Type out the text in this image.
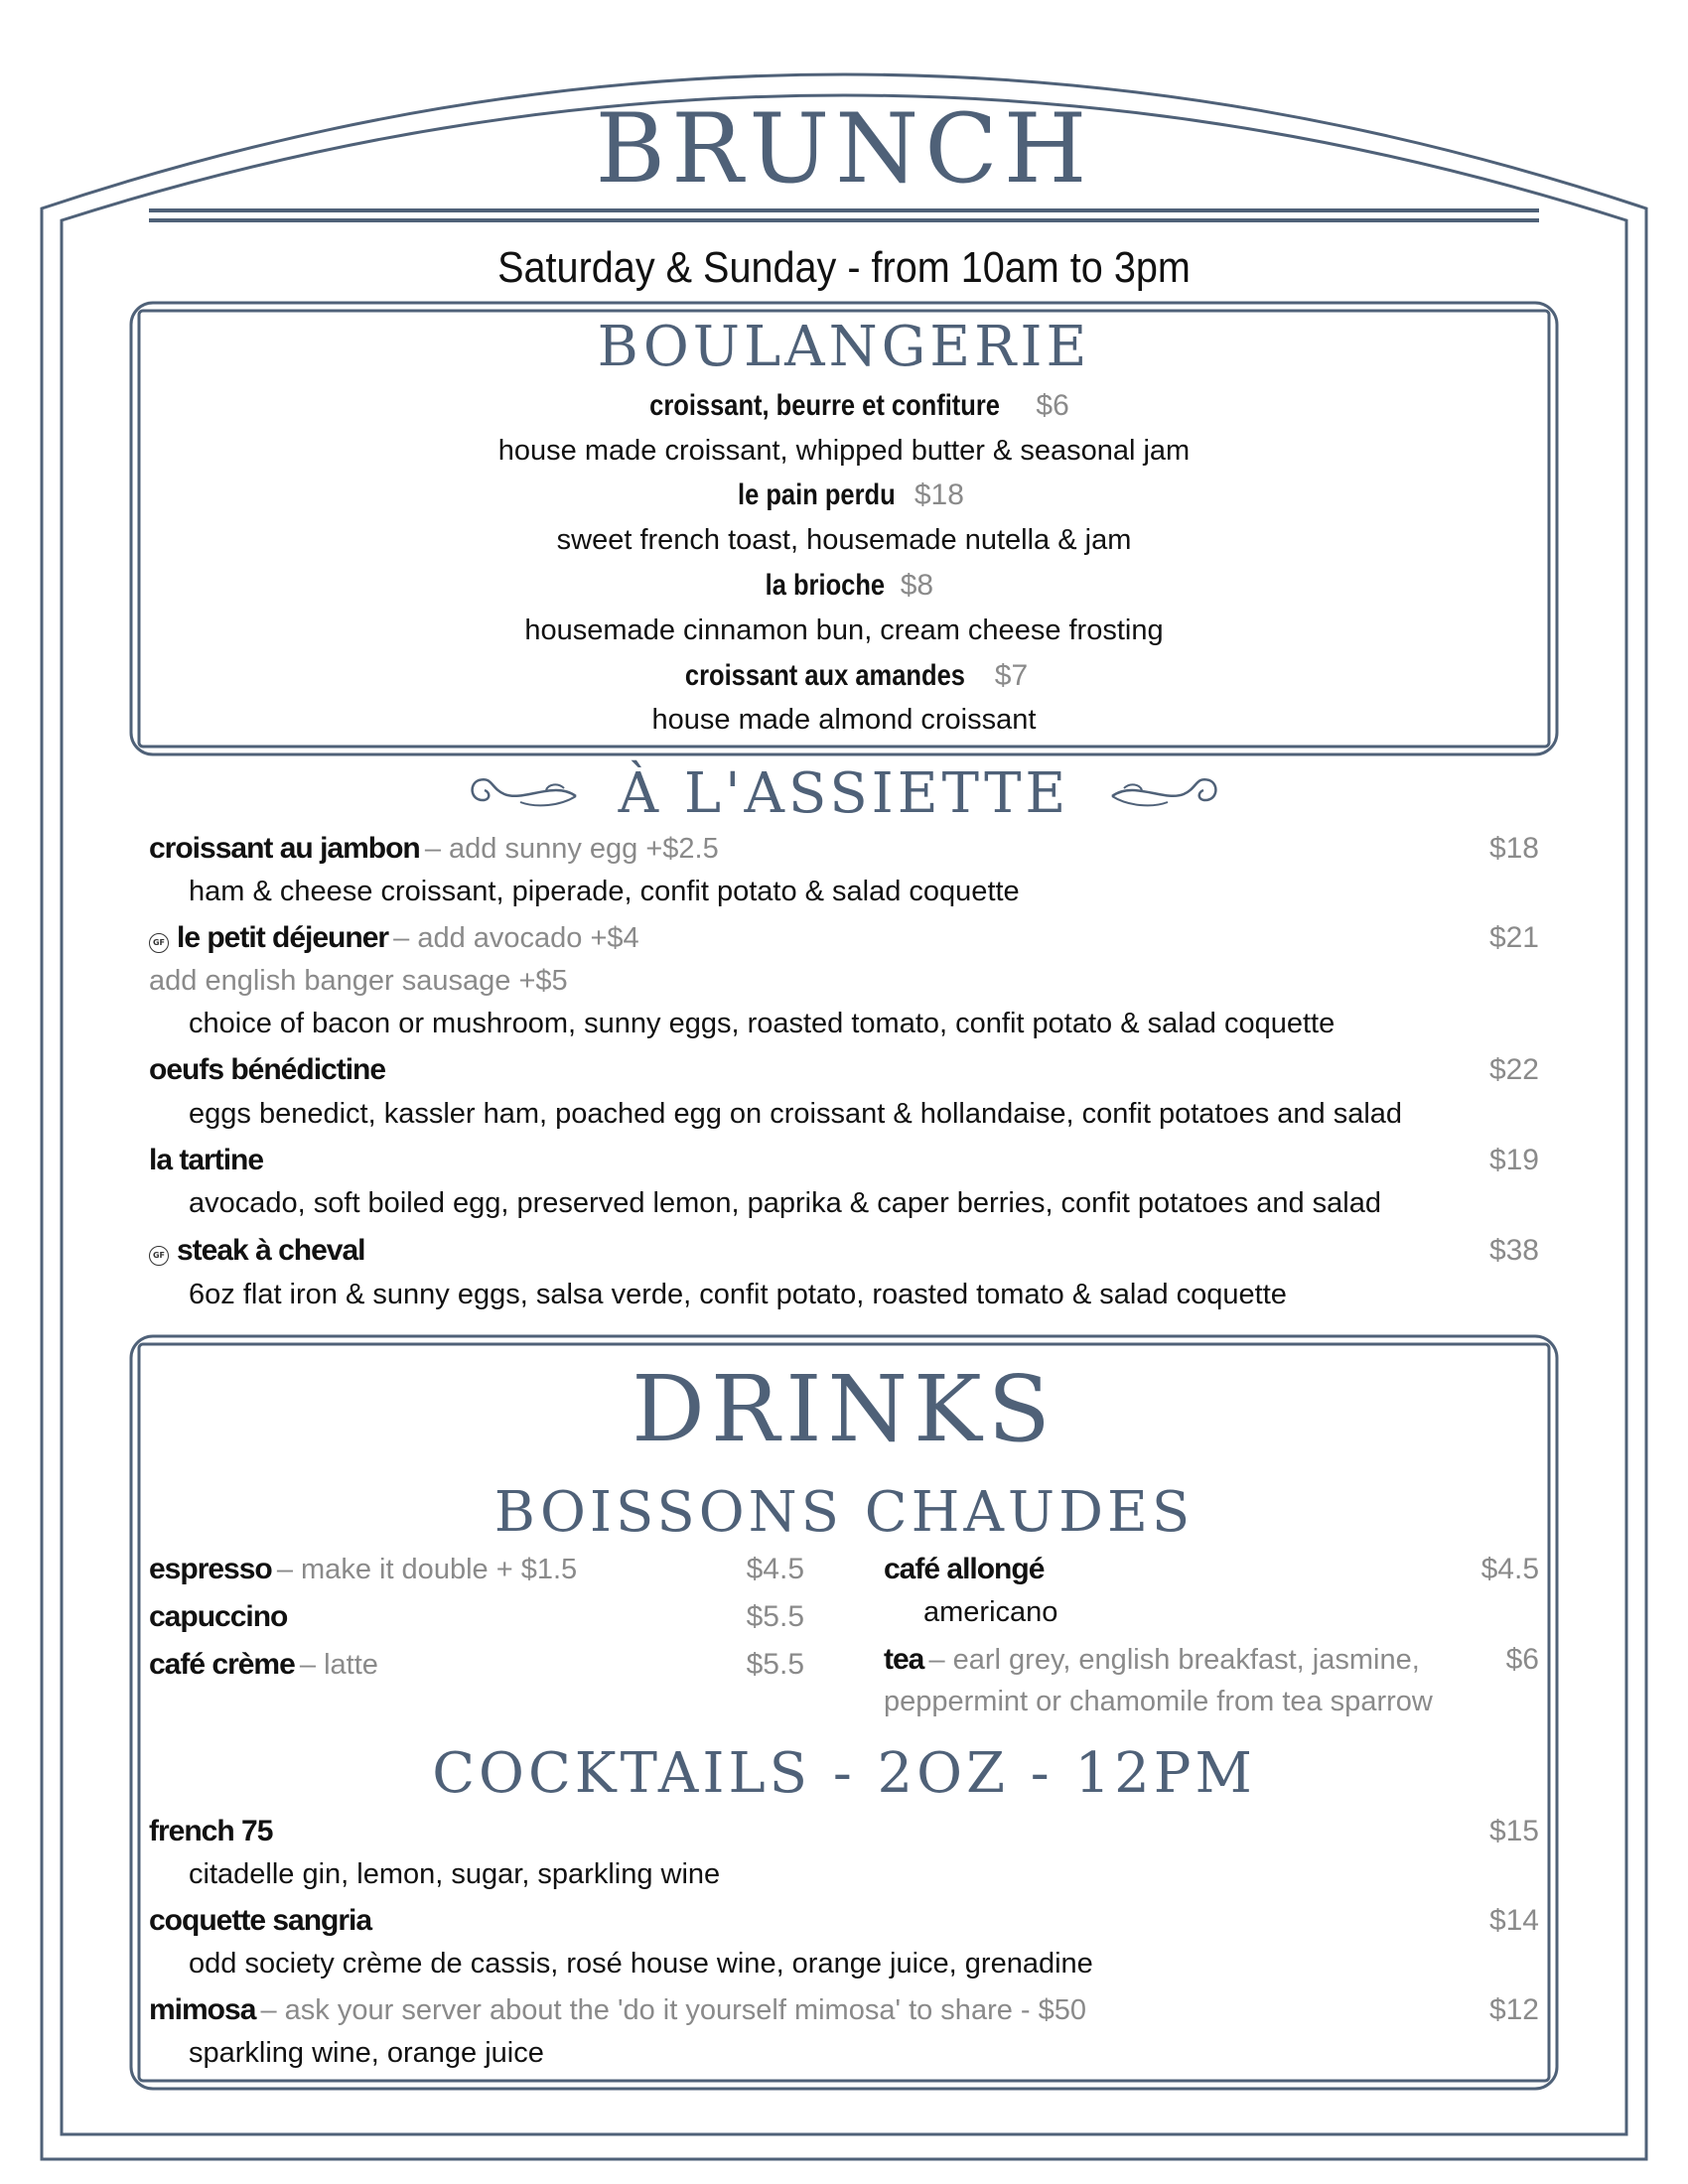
BRUNCH
Saturday & Sunday - from 10am to 3pm
BOULANGERIE
croissant, beurre et confiture $6
house made croissant, whipped butter & seasonal jam
le pain perdu $18
sweet french toast, housemade nutella & jam
la brioche $8
housemade cinnamon bun, cream cheese frosting
croissant aux amandes $7
house made almond croissant
À L'ASSIETTE
croissant au jambon – add sunny egg +$2.5	$18
ham & cheese croissant, piperade, confit potato & salad coquette
GF le petit déjeuner – add avocado +$4	$21
add english banger sausage +$5
choice of bacon or mushroom, sunny eggs, roasted tomato, confit potato & salad coquette
oeufs bénédictine	$22
eggs benedict, kassler ham, poached egg on croissant & hollandaise, confit potatoes and salad
la tartine	$19
avocado, soft boiled egg, preserved lemon, paprika & caper berries, confit potatoes and salad
GF steak à cheval	$38
6oz flat iron & sunny eggs, salsa verde, confit potato, roasted tomato & salad coquette
DRINKS
BOISSONS CHAUDES
espresso – make it double + $1.5	$4.5
capuccino	$5.5
café crème – latte	$5.5
café allongé	$4.5
americano
tea – earl grey, english breakfast, jasmine,	$6
peppermint or chamomile from tea sparrow
COCKTAILS - 2OZ - 12PM
french 75	$15
citadelle gin, lemon, sugar, sparkling wine
coquette sangria	$14
odd society crème de cassis, rosé house wine, orange juice, grenadine
mimosa – ask your server about the 'do it yourself mimosa' to share - $50	$12
sparkling wine, orange juice
